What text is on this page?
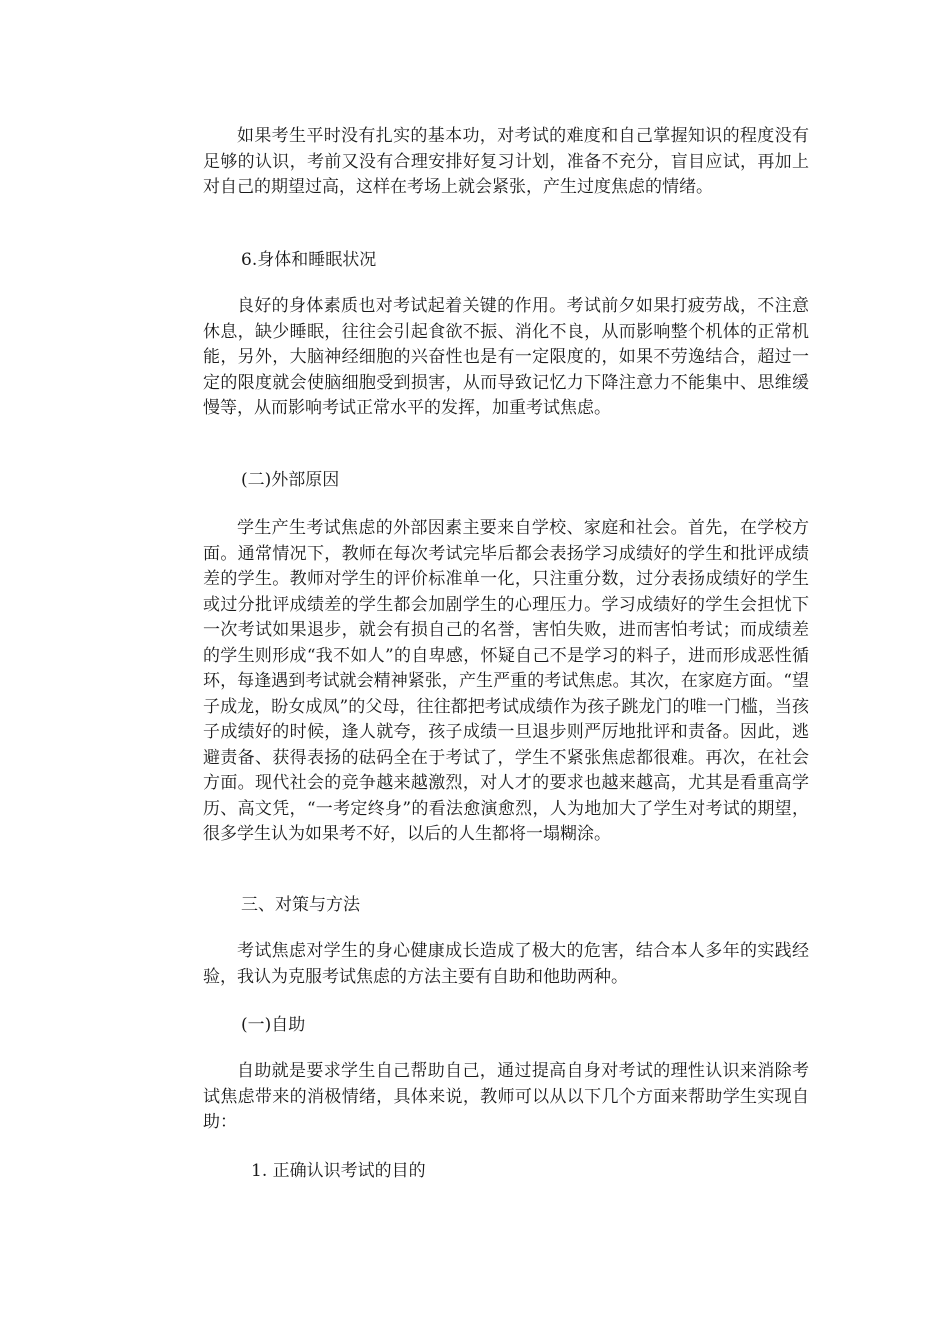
如果考生平时没有扎实的基本功，对考试的难度和自己掌握知识的程度没有足够的认识，考前又没有合理安排好复习计划，准备不充分，盲目应试，再加上对自己的期望过高，这样在考场上就会紧张，产生过度焦虑的情绪。

6.身体和睡眠状况

良好的身体素质也对考试起着关键的作用。考试前夕如果打疲劳战，不注意休息，缺少睡眠，往往会引起食欲不振、消化不良，从而影响整个机体的正常机能，另外，大脑神经细胞的兴奋性也是有一定限度的，如果不劳逸结合，超过一定的限度就会使脑细胞受到损害，从而导致记忆力下降注意力不能集中、思维缓慢等，从而影响考试正常水平的发挥，加重考试焦虑。

(二)外部原因

学生产生考试焦虑的外部因素主要来自学校、家庭和社会。首先，在学校方面。通常情况下，教师在每次考试完毕后都会表扬学习成绩好的学生和批评成绩差的学生。教师对学生的评价标准单一化，只注重分数，过分表扬成绩好的学生或过分批评成绩差的学生都会加剧学生的心理压力。学习成绩好的学生会担忧下一次考试如果退步，就会有损自己的名誉，害怕失败，进而害怕考试；而成绩差的学生则形成“我不如人”的自卑感，怀疑自己不是学习的料子，进而形成恶性循环，每逢遇到考试就会精神紧张，产生严重的考试焦虑。其次，在家庭方面。“望子成龙，盼女成凤”的父母，往往都把考试成绩作为孩子跳龙门的唯一门槛，当孩子成绩好的时候，逢人就夸，孩子成绩一旦退步则严厉地批评和责备。因此，逃避责备、获得表扬的砝码全在于考试了，学生不紧张焦虑都很难。再次，在社会方面。现代社会的竞争越来越激烈，对人才的要求也越来越高，尤其是看重高学历、高文凭，“一考定终身”的看法愈演愈烈，人为地加大了学生对考试的期望，很多学生认为如果考不好，以后的人生都将一塌糊涂。

三、对策与方法

考试焦虑对学生的身心健康成长造成了极大的危害，结合本人多年的实践经验，我认为克服考试焦虑的方法主要有自助和他助两种。

(一)自助

自助就是要求学生自己帮助自己，通过提高自身对考试的理性认识来消除考试焦虑带来的消极情绪，具体来说，教师可以从以下几个方面来帮助学生实现自助：

1. 正确认识考试的目的
